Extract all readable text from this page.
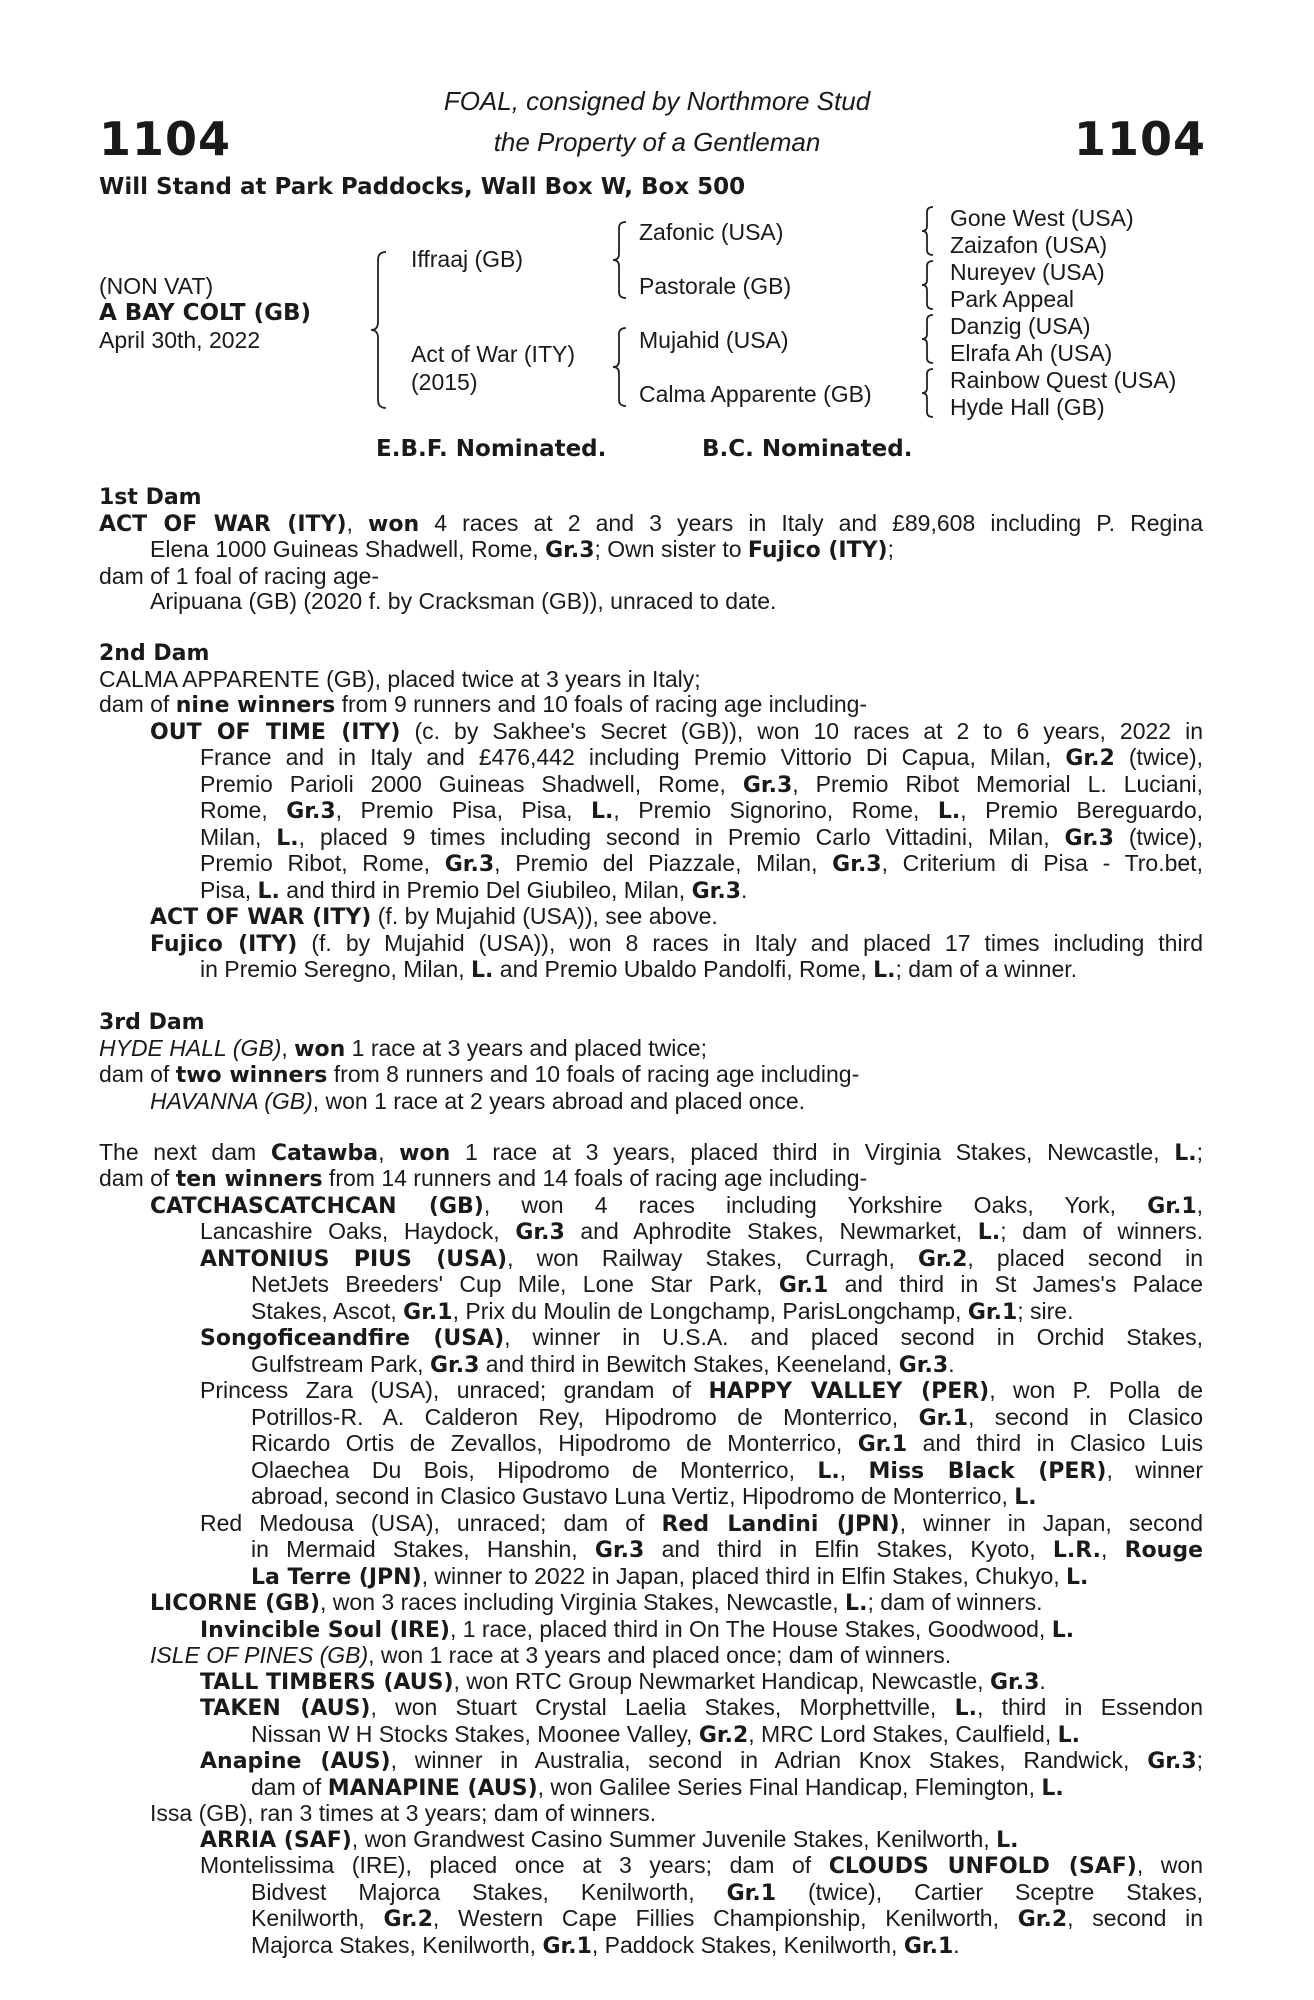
1104	1104
FOAL, consigned by Northmore Stud
the Property of a Gentleman
Will Stand at Park Paddocks, Wall Box W, Box 500
(NON VAT)
A BAY COLT (GB)
April 30th, 2022
Iffraaj (GB)
Act of War (ITY)
(2015)
Zafonic (USA)
Pastorale (GB)
Mujahid (USA)
Calma Apparente (GB)
Gone West (USA)
Zaizafon (USA)
Nureyev (USA)
Park Appeal
Danzig (USA)
Elrafa Ah (USA)
Rainbow Quest (USA)
Hyde Hall (GB)
E.B.F. Nominated.	B.C. Nominated.
1st Dam
ACT OF WAR (ITY), won 4 races at 2 and 3 years in Italy and £89,608 including P. Regina
Elena 1000 Guineas Shadwell, Rome, Gr.3; Own sister to Fujico (ITY);
dam of 1 foal of racing age-
Aripuana (GB) (2020 f. by Cracksman (GB)), unraced to date.
2nd Dam
CALMA APPARENTE (GB), placed twice at 3 years in Italy;
dam of nine winners from 9 runners and 10 foals of racing age including-
OUT OF TIME (ITY) (c. by Sakhee's Secret (GB)), won 10 races at 2 to 6 years, 2022 in
France and in Italy and £476,442 including Premio Vittorio Di Capua, Milan, Gr.2 (twice),
Premio Parioli 2000 Guineas Shadwell, Rome, Gr.3, Premio Ribot Memorial L. Luciani,
Rome, Gr.3, Premio Pisa, Pisa, L., Premio Signorino, Rome, L., Premio Bereguardo,
Milan, L., placed 9 times including second in Premio Carlo Vittadini, Milan, Gr.3 (twice),
Premio Ribot, Rome, Gr.3, Premio del Piazzale, Milan, Gr.3, Criterium di Pisa - Tro.bet,
Pisa, L. and third in Premio Del Giubileo, Milan, Gr.3.
ACT OF WAR (ITY) (f. by Mujahid (USA)), see above.
Fujico (ITY) (f. by Mujahid (USA)), won 8 races in Italy and placed 17 times including third
in Premio Seregno, Milan, L. and Premio Ubaldo Pandolfi, Rome, L.; dam of a winner.
3rd Dam
HYDE HALL (GB), won 1 race at 3 years and placed twice;
dam of two winners from 8 runners and 10 foals of racing age including-
HAVANNA (GB), won 1 race at 2 years abroad and placed once.
The next dam Catawba, won 1 race at 3 years, placed third in Virginia Stakes, Newcastle, L.;
dam of ten winners from 14 runners and 14 foals of racing age including-
CATCHASCATCHCAN (GB), won 4 races including Yorkshire Oaks, York, Gr.1,
Lancashire Oaks, Haydock, Gr.3 and Aphrodite Stakes, Newmarket, L.; dam of winners.
ANTONIUS PIUS (USA), won Railway Stakes, Curragh, Gr.2, placed second in
NetJets Breeders' Cup Mile, Lone Star Park, Gr.1 and third in St James's Palace
Stakes, Ascot, Gr.1, Prix du Moulin de Longchamp, ParisLongchamp, Gr.1; sire.
Songoficeandfire (USA), winner in U.S.A. and placed second in Orchid Stakes,
Gulfstream Park, Gr.3 and third in Bewitch Stakes, Keeneland, Gr.3.
Princess Zara (USA), unraced; grandam of HAPPY VALLEY (PER), won P. Polla de
Potrillos-R. A. Calderon Rey, Hipodromo de Monterrico, Gr.1, second in Clasico
Ricardo Ortis de Zevallos, Hipodromo de Monterrico, Gr.1 and third in Clasico Luis
Olaechea Du Bois, Hipodromo de Monterrico, L., Miss Black (PER), winner
abroad, second in Clasico Gustavo Luna Vertiz, Hipodromo de Monterrico, L.
Red Medousa (USA), unraced; dam of Red Landini (JPN), winner in Japan, second
in Mermaid Stakes, Hanshin, Gr.3 and third in Elfin Stakes, Kyoto, L.R., Rouge
La Terre (JPN), winner to 2022 in Japan, placed third in Elfin Stakes, Chukyo, L.
LICORNE (GB), won 3 races including Virginia Stakes, Newcastle, L.; dam of winners.
Invincible Soul (IRE), 1 race, placed third in On The House Stakes, Goodwood, L.
ISLE OF PINES (GB), won 1 race at 3 years and placed once; dam of winners.
TALL TIMBERS (AUS), won RTC Group Newmarket Handicap, Newcastle, Gr.3.
TAKEN (AUS), won Stuart Crystal Laelia Stakes, Morphettville, L., third in Essendon
Nissan W H Stocks Stakes, Moonee Valley, Gr.2, MRC Lord Stakes, Caulfield, L.
Anapine (AUS), winner in Australia, second in Adrian Knox Stakes, Randwick, Gr.3;
dam of MANAPINE (AUS), won Galilee Series Final Handicap, Flemington, L.
Issa (GB), ran 3 times at 3 years; dam of winners.
ARRIA (SAF), won Grandwest Casino Summer Juvenile Stakes, Kenilworth, L.
Montelissima (IRE), placed once at 3 years; dam of CLOUDS UNFOLD (SAF), won
Bidvest Majorca Stakes, Kenilworth, Gr.1 (twice), Cartier Sceptre Stakes,
Kenilworth, Gr.2, Western Cape Fillies Championship, Kenilworth, Gr.2, second in
Majorca Stakes, Kenilworth, Gr.1, Paddock Stakes, Kenilworth, Gr.1.
